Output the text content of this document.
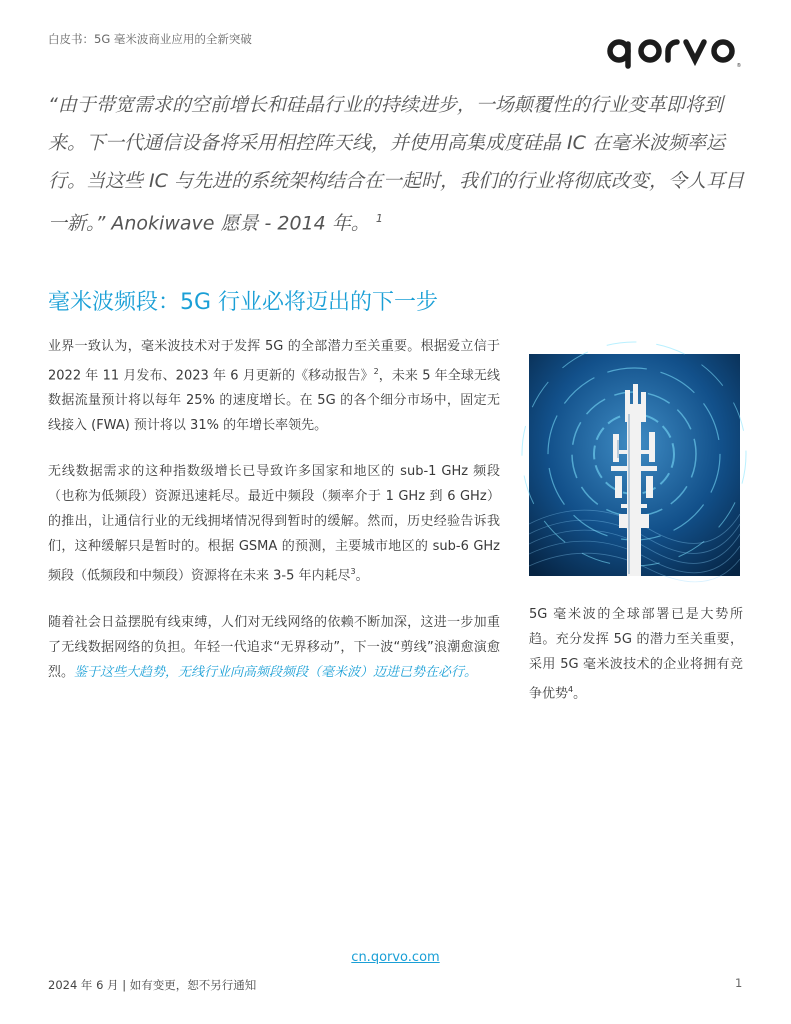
白皮书：5G 毫米波商业应用的全新突破
®

“由于带宽需求的空前增长和硅晶行业的持续进步，一场颠覆性的行业变革即将到来。下一代通信设备将采用相控阵天线，并使用高集成度硅晶 IC 在毫米波频率运行。当这些 IC 与先进的系统架构结合在一起时，我们的行业将彻底改变，令人耳目一新。” Anokiwave 愿景 - 2014 年。 $^1$

毫米波频段：5G 行业必将迈出的下一步

业界一致认为，毫米波技术对于发挥 5G 的全部潜力至关重要。根据爱立信于 2022 年 11 月发布、2023 年 6 月更新的《移动报告》$^2$，未来 5 年全球无线数据流量预计将以每年 25% 的速度增长。在 5G 的各个细分市场中，固定无线接入 (FWA) 预计将以 31% 的年增长率领先。

无线数据需求的这种指数级增长已导致许多国家和地区的 sub-1 GHz 频段（也称为低频段）资源迅速耗尽。最近中频段（频率介于 1 GHz 到 6 GHz）的推出，让通信行业的无线拥堵情况得到暂时的缓解。然而，历史经验告诉我们，这种缓解只是暂时的。根据 GSMA 的预测，主要城市地区的 sub-6 GHz 频段（低频段和中频段）资源将在未来 3-5 年内耗尽$^3$。

随着社会日益摆脱有线束缚，人们对无线网络的依赖不断加深，这进一步加重了无线数据网络的负担。年轻一代追求“无界移动”，下一波“剪线”浪潮愈演愈烈。鉴于这些大趋势，无线行业向高频段频段（毫米波）迈进已势在必行。

5G 毫米波的全球部署已是大势所趋。充分发挥 5G 的潜力至关重要，采用 5G 毫米波技术的企业将拥有竞争优势$^4$。

cn.qorvo.com
2024 年 6 月 | 如有变更，恕不另行通知	1
